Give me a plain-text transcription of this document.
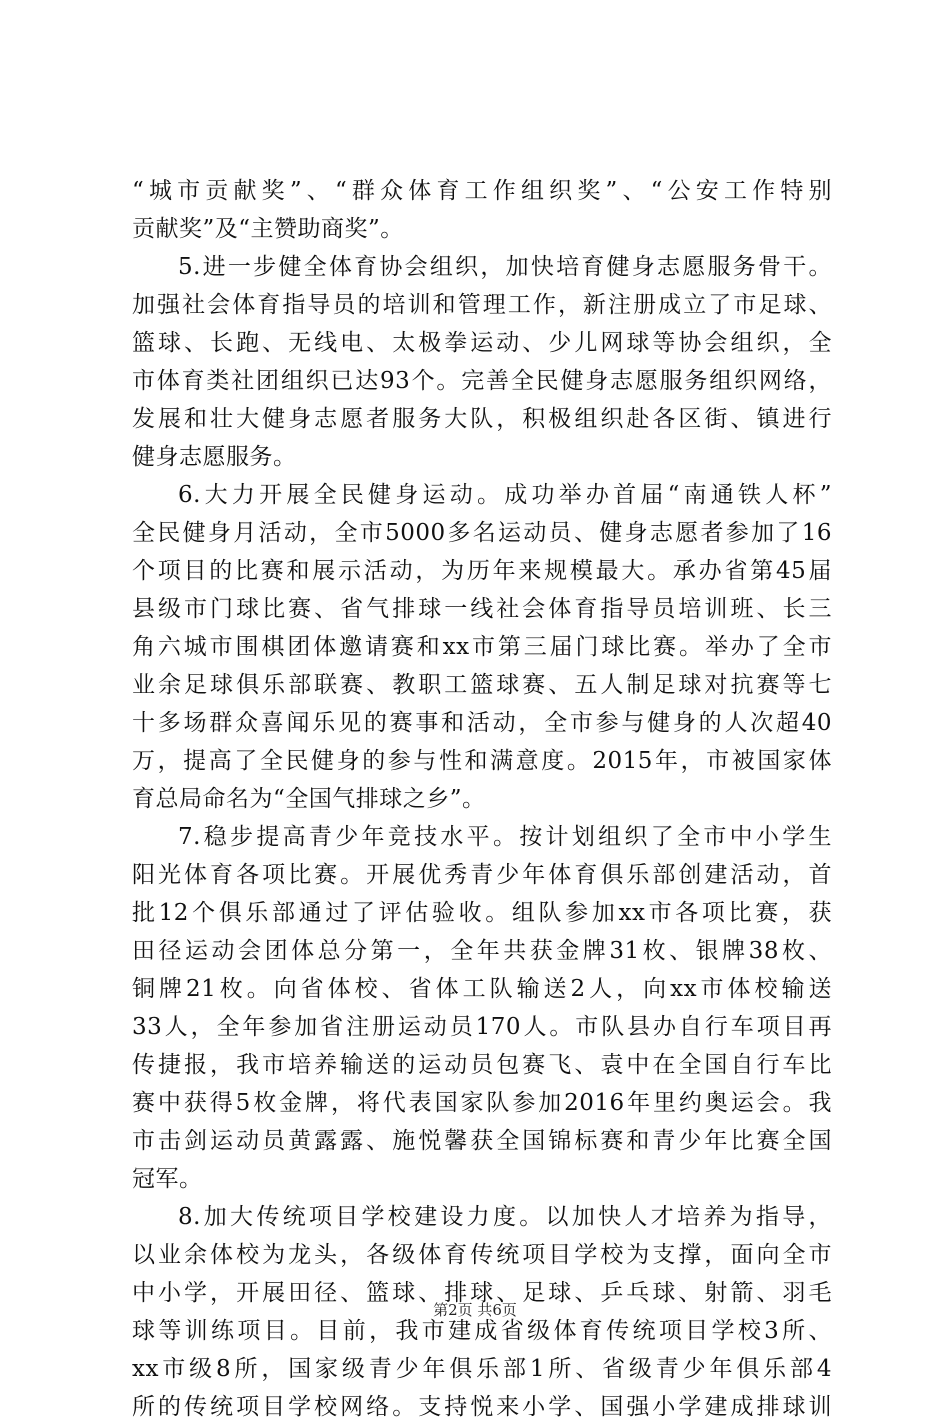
“城市贡献奖”、“群众体育工作组织奖”、“公安工作特别
贡献奖”及“主赞助商奖”。
5.进一步健全体育协会组织，加快培育健身志愿服务骨干。
加强社会体育指导员的培训和管理工作，新注册成立了市足球、
篮球、长跑、无线电、太极拳运动、少儿网球等协会组织，全
市体育类社团组织已达93个。完善全民健身志愿服务组织网络，
发展和壮大健身志愿者服务大队，积极组织赴各区街、镇进行
健身志愿服务。
6.大力开展全民健身运动。成功举办首届“南通铁人杯”
全民健身月活动，全市5000多名运动员、健身志愿者参加了16
个项目的比赛和展示活动，为历年来规模最大。承办省第45届
县级市门球比赛、省气排球一线社会体育指导员培训班、长三
角六城市围棋团体邀请赛和xx市第三届门球比赛。举办了全市
业余足球俱乐部联赛、教职工篮球赛、五人制足球对抗赛等七
十多场群众喜闻乐见的赛事和活动，全市参与健身的人次超40
万，提高了全民健身的参与性和满意度。2015年，市被国家体
育总局命名为“全国气排球之乡”。
7.稳步提高青少年竞技水平。按计划组织了全市中小学生
阳光体育各项比赛。开展优秀青少年体育俱乐部创建活动，首
批12个俱乐部通过了评估验收。组队参加xx市各项比赛，获
田径运动会团体总分第一，全年共获金牌31枚、银牌38枚、
铜牌21枚。向省体校、省体工队输送2人，向xx市体校输送
33人，全年参加省注册运动员170人。市队县办自行车项目再
传捷报，我市培养输送的运动员包赛飞、袁中在全国自行车比
赛中获得5枚金牌，将代表国家队参加2016年里约奥运会。我
市击剑运动员黄露露、施悦馨获全国锦标赛和青少年比赛全国
冠军。
8.加大传统项目学校建设力度。以加快人才培养为指导，
以业余体校为龙头，各级体育传统项目学校为支撑，面向全市
中小学，开展田径、篮球、排球、足球、乒乓球、射箭、羽毛
球等训练项目。目前，我市建成省级体育传统项目学校3所、
xx市级8所，国家级青少年俱乐部1所、省级青少年俱乐部4
所的传统项目学校网络。支持悦来小学、国强小学建成排球训
第2页 共6页
